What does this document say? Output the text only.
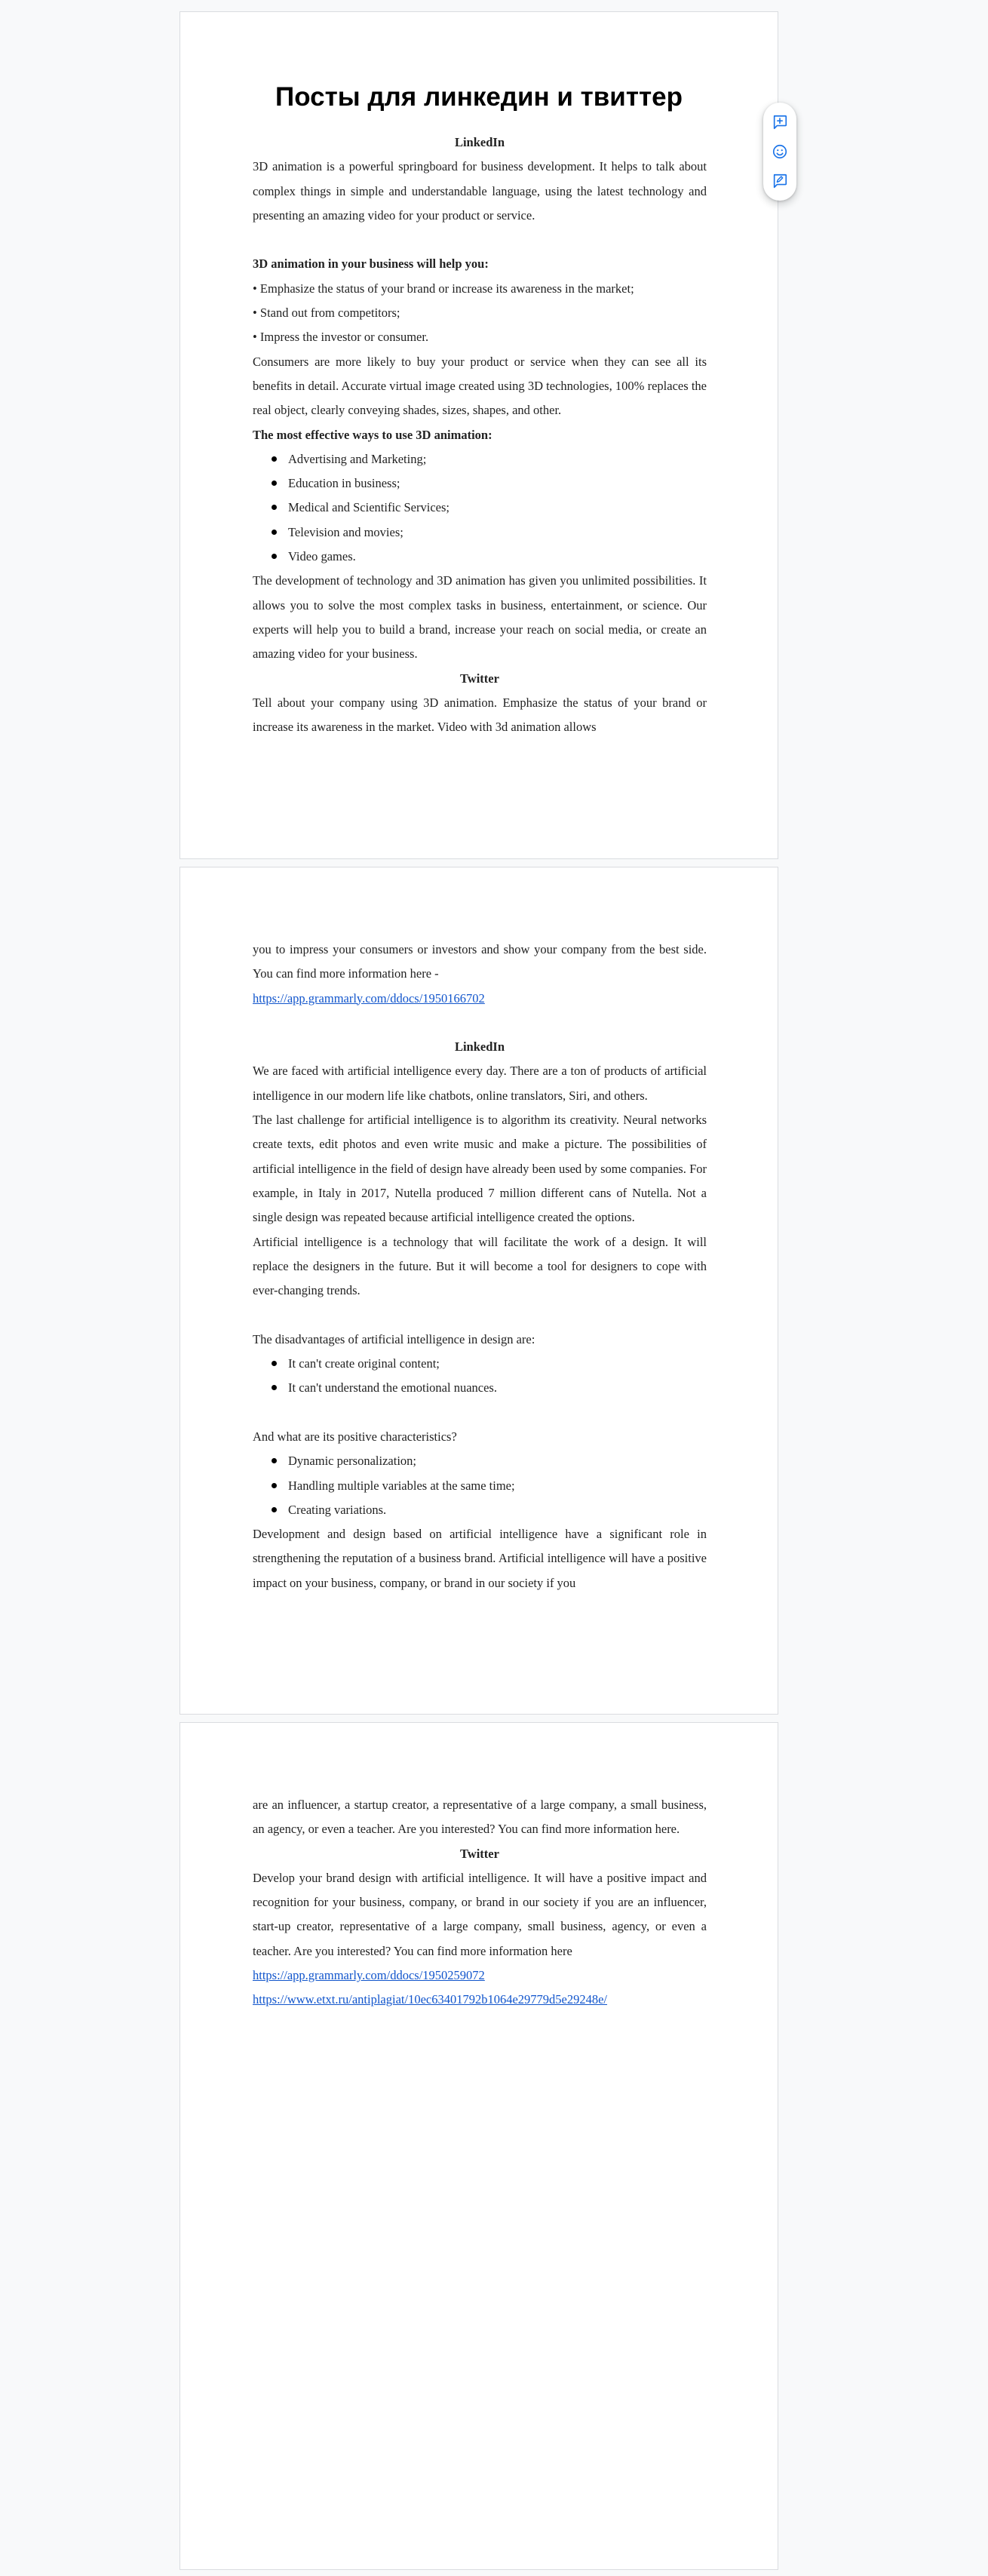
Посты для линкедин и твиттер

LinkedIn

3D animation is a powerful springboard for business development. It helps to talk about complex things in simple and understandable language, using the latest technology and presenting an amazing video for your product or service.

3D animation in your business will help you:

• Emphasize the status of your brand or increase its awareness in the market;

• Stand out from competitors;

• Impress the investor or consumer.

Consumers are more likely to buy your product or service when they can see all its benefits in detail. Accurate virtual image created using 3D technologies, 100% replaces the real object, clearly conveying shades, sizes, shapes, and other.

The most effective ways to use 3D animation:

Advertising and Marketing;
Education in business;
Medical and Scientific Services;
Television and movies;
Video games.

The development of technology and 3D animation has given you unlimited possibilities. It allows you to solve the most complex tasks in business, entertainment, or science. Our experts will help you to build a brand, increase your reach on social media, or create an amazing video for your business.

Twitter

Tell about your company using 3D animation. Emphasize the status of your brand or increase its awareness in the market. Video with 3d animation allows

you to impress your consumers or investors and show your company from the best side. You can find more information here -

https://app.grammarly.com/ddocs/1950166702

LinkedIn

We are faced with artificial intelligence every day. There are a ton of products of artificial intelligence in our modern life like chatbots, online translators, Siri, and others.

The last challenge for artificial intelligence is to algorithm its creativity. Neural networks create texts, edit photos and even write music and make a picture. The possibilities of artificial intelligence in the field of design have already been used by some companies. For example, in Italy in 2017, Nutella produced 7 million different cans of Nutella. Not a single design was repeated because artificial intelligence created the options.

Artificial intelligence is a technology that will facilitate the work of a design. It will replace the designers in the future. But it will become a tool for designers to cope with ever-changing trends.

The disadvantages of artificial intelligence in design are:

It can't create original content;
It can't understand the emotional nuances.

And what are its positive characteristics?

Dynamic personalization;
Handling multiple variables at the same time;
Creating variations.

Development and design based on artificial intelligence have a significant role in strengthening the reputation of a business brand. Artificial intelligence will have a positive impact on your business, company, or brand in our society if you

are an influencer, a startup creator, a representative of a large company, a small business, an agency, or even a teacher. Are you interested? You can find more information here.

Twitter

Develop your brand design with artificial intelligence. It will have a positive impact and recognition for your business, company, or brand in our society if you are an influencer, start-up creator, representative of a large company, small business, agency, or even a teacher. Are you interested? You can find more information here

https://app.grammarly.com/ddocs/1950259072

https://www.etxt.ru/antiplagiat/10ec63401792b1064e29779d5e29248e/
